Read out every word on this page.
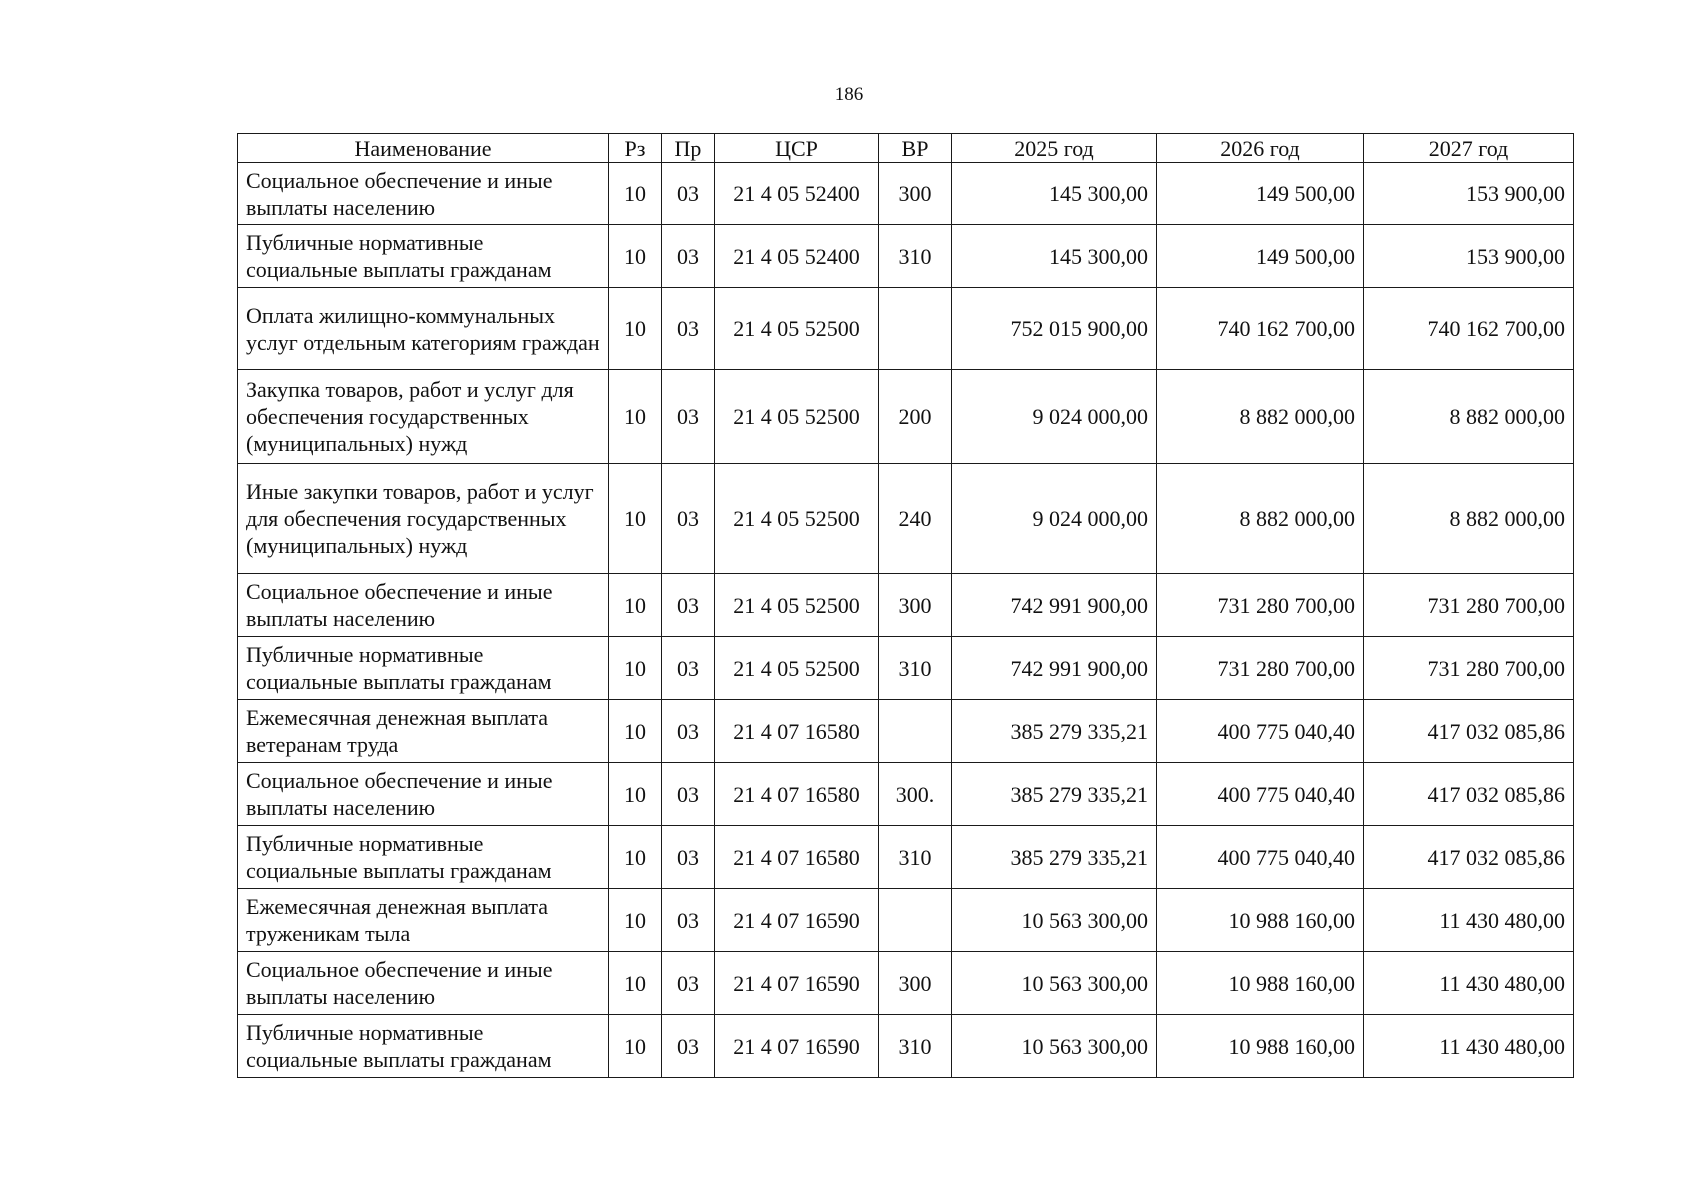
186
Наименование	Рз	Пр	ЦСР	ВР	2025 год	2026 год	2027 год
Социальное обеспечение и иные выплаты населению	10	03	21 4 05 52400	300	145 300,00	149 500,00	153 900,00
Публичные нормативные социальные выплаты гражданам	10	03	21 4 05 52400	310	145 300,00	149 500,00	153 900,00
Оплата жилищно-коммунальных услуг отдельным категориям граждан	10	03	21 4 05 52500		752 015 900,00	740 162 700,00	740 162 700,00
Закупка товаров, работ и услуг для обеспечения государственных (муниципальных) нужд	10	03	21 4 05 52500	200	9 024 000,00	8 882 000,00	8 882 000,00
Иные закупки товаров, работ и услуг для обеспечения государственных (муниципальных) нужд	10	03	21 4 05 52500	240	9 024 000,00	8 882 000,00	8 882 000,00
Социальное обеспечение и иные выплаты населению	10	03	21 4 05 52500	300	742 991 900,00	731 280 700,00	731 280 700,00
Публичные нормативные социальные выплаты гражданам	10	03	21 4 05 52500	310	742 991 900,00	731 280 700,00	731 280 700,00
Ежемесячная денежная выплата ветеранам труда	10	03	21 4 07 16580		385 279 335,21	400 775 040,40	417 032 085,86
Социальное обеспечение и иные выплаты населению	10	03	21 4 07 16580	300.	385 279 335,21	400 775 040,40	417 032 085,86
Публичные нормативные социальные выплаты гражданам	10	03	21 4 07 16580	310	385 279 335,21	400 775 040,40	417 032 085,86
Ежемесячная денежная выплата труженикам тыла	10	03	21 4 07 16590		10 563 300,00	10 988 160,00	11 430 480,00
Социальное обеспечение и иные выплаты населению	10	03	21 4 07 16590	300	10 563 300,00	10 988 160,00	11 430 480,00
Публичные нормативные социальные выплаты гражданам	10	03	21 4 07 16590	310	10 563 300,00	10 988 160,00	11 430 480,00
